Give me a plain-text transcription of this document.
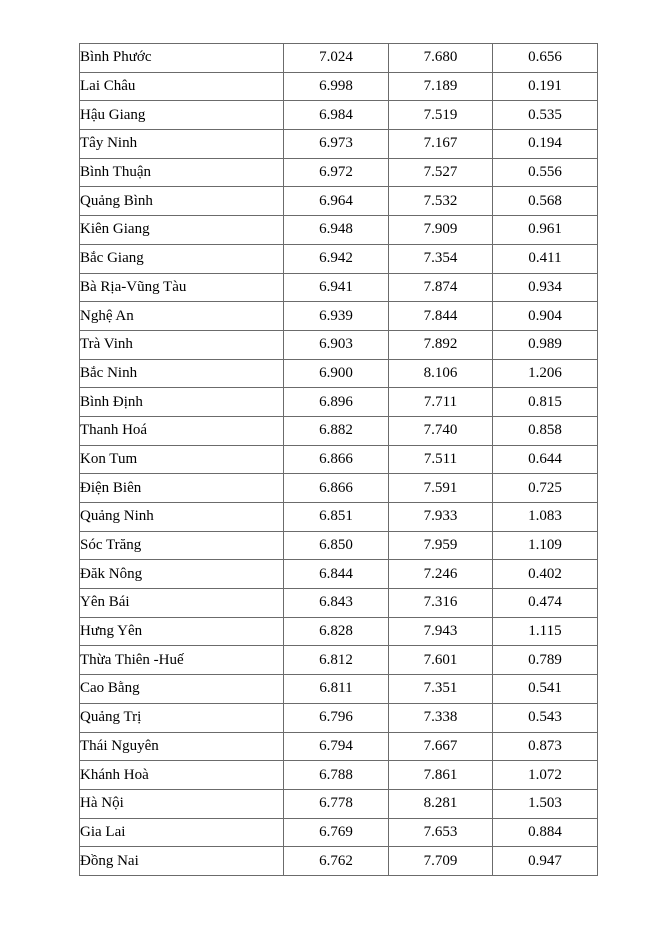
Bình Phước	7.024	7.680	0.656
Lai Châu	6.998	7.189	0.191
Hậu Giang	6.984	7.519	0.535
Tây Ninh	6.973	7.167	0.194
Bình Thuận	6.972	7.527	0.556
Quảng Bình	6.964	7.532	0.568
Kiên Giang	6.948	7.909	0.961
Bắc Giang	6.942	7.354	0.411
Bà Rịa-Vũng Tàu	6.941	7.874	0.934
Nghệ An	6.939	7.844	0.904
Trà Vinh	6.903	7.892	0.989
Bắc Ninh	6.900	8.106	1.206
Bình Định	6.896	7.711	0.815
Thanh Hoá	6.882	7.740	0.858
Kon Tum	6.866	7.511	0.644
Điện Biên	6.866	7.591	0.725
Quảng Ninh	6.851	7.933	1.083
Sóc Trăng	6.850	7.959	1.109
Đăk Nông	6.844	7.246	0.402
Yên Bái	6.843	7.316	0.474
Hưng Yên	6.828	7.943	1.115
Thừa Thiên -Huế	6.812	7.601	0.789
Cao Bằng	6.811	7.351	0.541
Quảng Trị	6.796	7.338	0.543
Thái Nguyên	6.794	7.667	0.873
Khánh Hoà	6.788	7.861	1.072
Hà Nội	6.778	8.281	1.503
Gia Lai	6.769	7.653	0.884
Đồng Nai	6.762	7.709	0.947
